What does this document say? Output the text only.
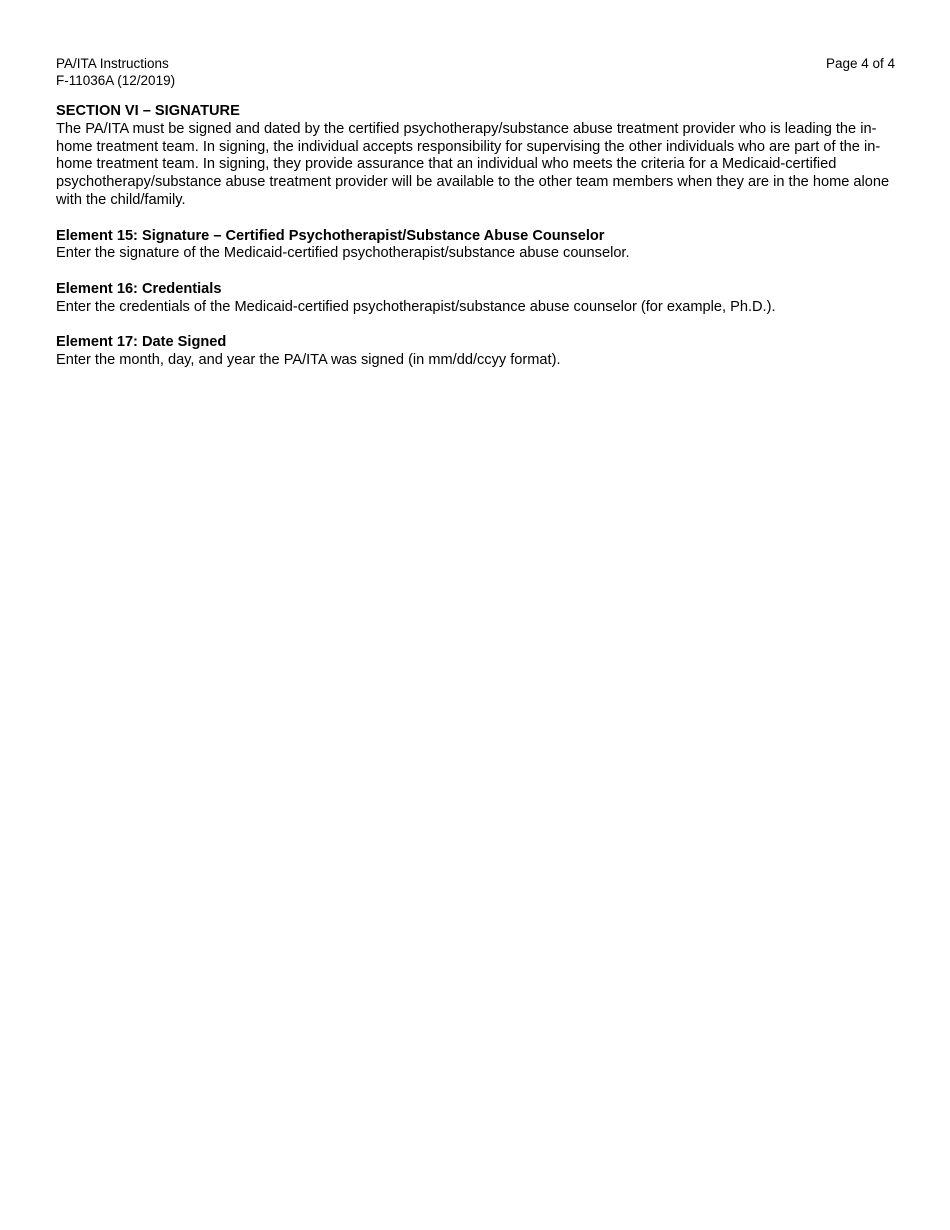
PA/ITA Instructions
F-11036A (12/2019)
Page 4 of 4
SECTION VI – SIGNATURE
The PA/ITA must be signed and dated by the certified psychotherapy/substance abuse treatment provider who is leading the in-home treatment team. In signing, the individual accepts responsibility for supervising the other individuals who are part of the in-home treatment team. In signing, they provide assurance that an individual who meets the criteria for a Medicaid-certified psychotherapy/substance abuse treatment provider will be available to the other team members when they are in the home alone with the child/family.
Element 15: Signature – Certified Psychotherapist/Substance Abuse Counselor
Enter the signature of the Medicaid-certified psychotherapist/substance abuse counselor.
Element 16: Credentials
Enter the credentials of the Medicaid-certified psychotherapist/substance abuse counselor (for example, Ph.D.).
Element 17: Date Signed
Enter the month, day, and year the PA/ITA was signed (in mm/dd/ccyy format).
